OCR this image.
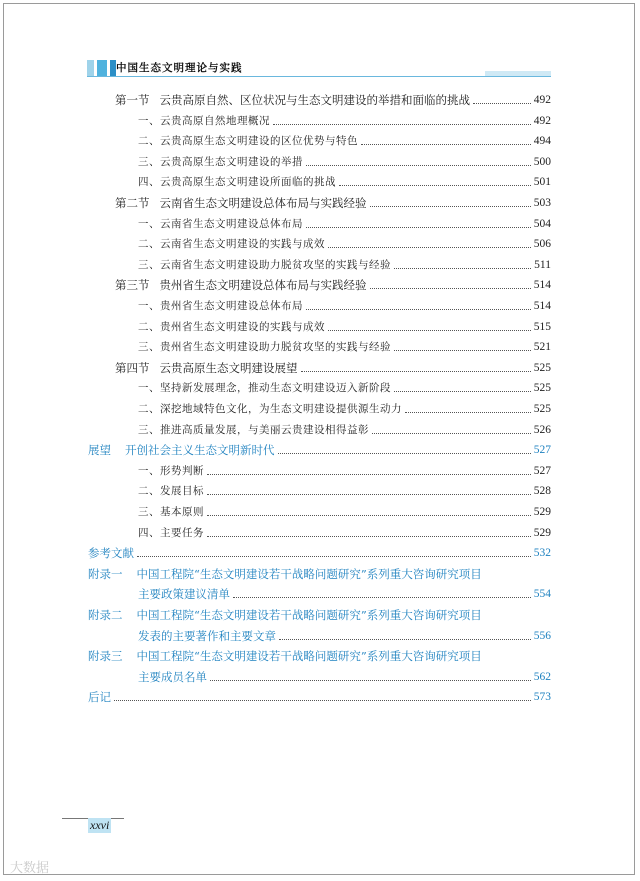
中国生态文明理论与实践
第一节 云贵高原自然、区位状况与生态文明建设的举措和面临的挑战	492
一、云贵高原自然地理概况	492
二、云贵高原生态文明建设的区位优势与特色	494
三、云贵高原生态文明建设的举措	500
四、云贵高原生态文明建设所面临的挑战	501
第二节 云南省生态文明建设总体布局与实践经验	503
一、云南省生态文明建设总体布局	504
二、云南省生态文明建设的实践与成效	506
三、云南省生态文明建设助力脱贫攻坚的实践与经验	511
第三节 贵州省生态文明建设总体布局与实践经验	514
一、贵州省生态文明建设总体布局	514
二、贵州省生态文明建设的实践与成效	515
三、贵州省生态文明建设助力脱贫攻坚的实践与经验	521
第四节 云贵高原生态文明建设展望	525
一、坚持新发展理念，推动生态文明建设迈入新阶段	525
二、深挖地域特色文化，为生态文明建设提供源生动力	525
三、推进高质量发展，与美丽云贵建设相得益彰	526
展望 开创社会主义生态文明新时代	527
一、形势判断	527
二、发展目标	528
三、基本原则	529
四、主要任务	529
参考文献	532
附录一 中国工程院“生态文明建设若干战略问题研究”系列重大咨询研究项目
主要政策建议清单	554
附录二 中国工程院“生态文明建设若干战略问题研究”系列重大咨询研究项目
发表的主要著作和主要文章	556
附录三 中国工程院“生态文明建设若干战略问题研究”系列重大咨询研究项目
主要成员名单	562
后记	573
xxvi
大数据
